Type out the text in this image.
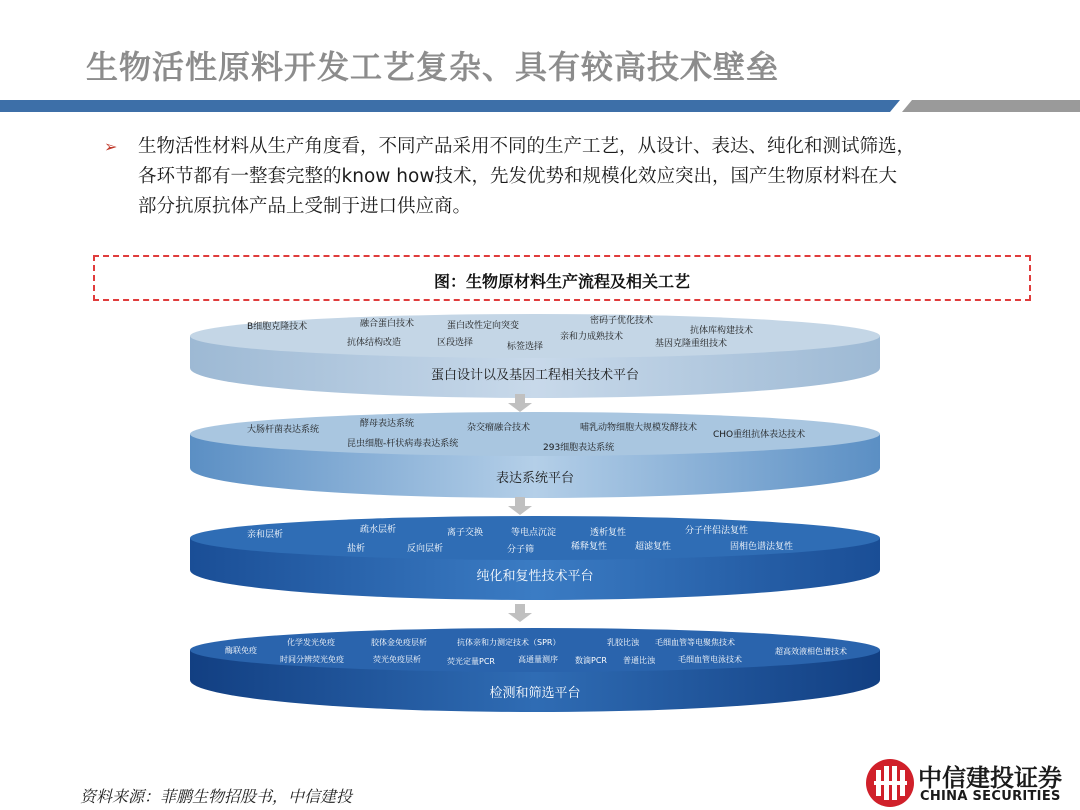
生物活性原料开发工艺复杂、具有较高技术壁垒
➢	生物活性材料从生产角度看，不同产品采用不同的生产工艺，从设计、表达、纯化和测试筛选，
各环节都有一整套完整的know how技术，先发优势和规模化效应突出，国产生物原材料在大
部分抗原抗体产品上受制于进口供应商。
图：生物原材料生产流程及相关工艺
蛋白设计以及基因工程相关技术平台
B细胞克隆技术	融合蛋白技术	蛋白改性定向突变	密码子优化技术
抗体库构建技术
抗体结构改造	区段选择	标签选择
亲和力成熟技术
基因克隆重组技术
表达系统平台
大肠杆菌表达系统
酵母表达系统	杂交瘤融合技术	哺乳动物细胞大规模发酵技术
CHO重组抗体表达技术
昆虫细胞-杆状病毒表达系统	293细胞表达系统
纯化和复性技术平台
亲和层析	疏水层析	离子交换	等电点沉淀	透析复性	分子伴侣法复性
盐析	反向层析	分子筛	稀释复性	超滤复性	固相色谱法复性
检测和筛选平台
酶联免疫
化学发光免疫	胶体金免疫层析	抗体亲和力测定技术（SPR）	乳胶比浊 毛细血管等电聚焦技术
超高效液相色谱技术
时间分辨荧光免疫	荧光免疫层析	荧光定量PCR	高通量测序 数滴PCR 普通比浊	毛细血管电泳技术
资料来源：菲鹏生物招股书，中信建投
中信建投证券
CHINA SECURITIES
